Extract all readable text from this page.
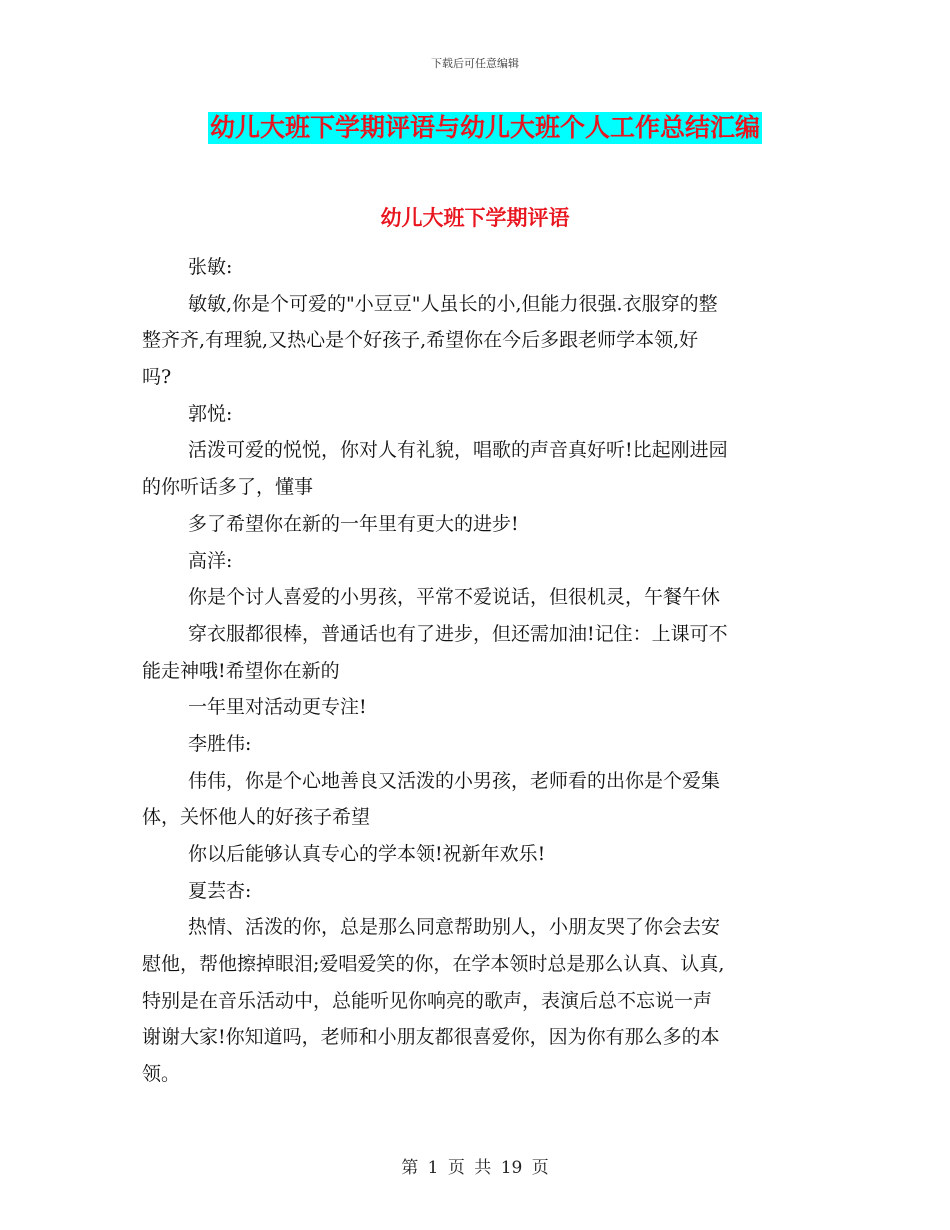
下载后可任意编辑
幼儿大班下学期评语与幼儿大班个人工作总结汇编
幼儿大班下学期评语
张敏:
敏敏,你是个可爱的"小豆豆"人虽长的小,但能力很强.衣服穿的整
整齐齐,有理貌,又热心是个好孩子,希望你在今后多跟老师学本领,好
吗?
郭悦:
活泼可爱的悦悦，你对人有礼貌，唱歌的声音真好听!比起刚进园
的你听话多了，懂事
多了希望你在新的一年里有更大的进步!
高洋:
你是个讨人喜爱的小男孩，平常不爱说话，但很机灵，午餐午休
穿衣服都很棒，普通话也有了进步，但还需加油!记住：上课可不
能走神哦!希望你在新的
一年里对活动更专注!
李胜伟:
伟伟，你是个心地善良又活泼的小男孩，老师看的出你是个爱集
体，关怀他人的好孩子希望
你以后能够认真专心的学本领!祝新年欢乐!
夏芸杏:
热情、活泼的你，总是那么同意帮助别人，小朋友哭了你会去安
慰他，帮他擦掉眼泪;爱唱爱笑的你，在学本领时总是那么认真、认真,
特别是在音乐活动中，总能听见你响亮的歌声，表演后总不忘说一声
谢谢大家!你知道吗，老师和小朋友都很喜爱你，因为你有那么多的本
领。
第 1 页 共 19 页
